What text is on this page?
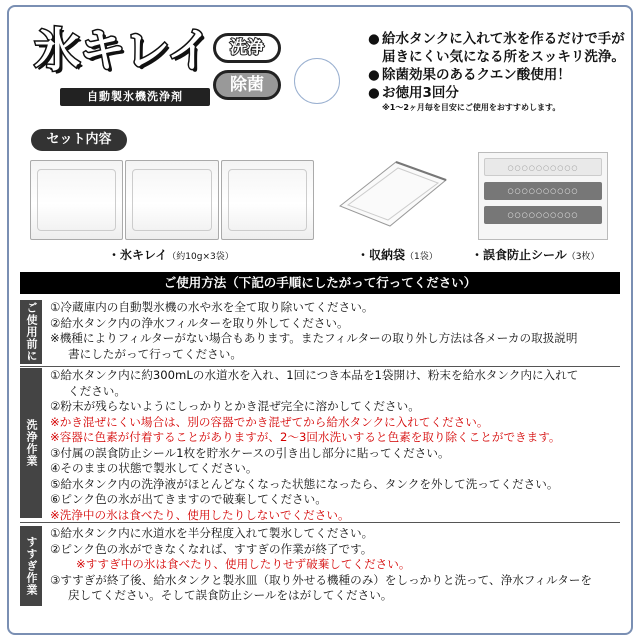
氷キレイ
自動製氷機洗浄剤
洗浄
除菌
● 給水タンクに入れて氷を作るだけで手が届きにくい気になる所をスッキリ洗浄。
● 除菌効果のあるクエン酸使用！
● お徳用3回分
※1～2ヶ月毎を目安にご使用をおすすめします。
セット内容
○○○○○○○○○○
○○○○○○○○○○
○○○○○○○○○○
・氷キレイ（約10g×3袋）	・収納袋（1袋）	・誤食防止シール（3枚）
ご使用方法（下記の手順にしたがって行ってください）
ご使用前に	①冷蔵庫内の自動製氷機の水や氷を全て取り除いてください。
②給水タンク内の浄水フィルターを取り外してください。
※機種によりフィルターがない場合もあります。またフィルターの取り外し方法は各メーカの取扱説明
書にしたがって行ってください。
洗浄作業
①給水タンク内に約300mLの水道水を入れ、1回につき本品を1袋開け、粉末を給水タンク内に入れて
ください。
②粉末が残らないようにしっかりとかき混ぜ完全に溶かしてください。
※かき混ぜにくい場合は、別の容器でかき混ぜてから給水タンクに入れてください。
※容器に色素が付着することがありますが、2～3回水洗いすると色素を取り除くことができます。
③付属の誤食防止シール1枚を貯氷ケースの引き出し部分に貼ってください。
④そのままの状態で製氷してください。
⑤給水タンク内の洗浄液がほとんどなくなった状態になったら、タンクを外して洗ってください。
⑥ピンク色の氷が出てきますので破棄してください。
※洗浄中の氷は食べたり、使用したりしないでください。
すすぎ作業
①給水タンク内に水道水を半分程度入れて製氷してください。
②ピンク色の氷ができなくなれば、すすぎの作業が終了です。
※すすぎ中の氷は食べたり、使用したりせず破棄してください。
③すすぎが終了後、給水タンクと製氷皿（取り外せる機種のみ）をしっかりと洗って、浄水フィルターを
戻してください。そして誤食防止シールをはがしてください。
